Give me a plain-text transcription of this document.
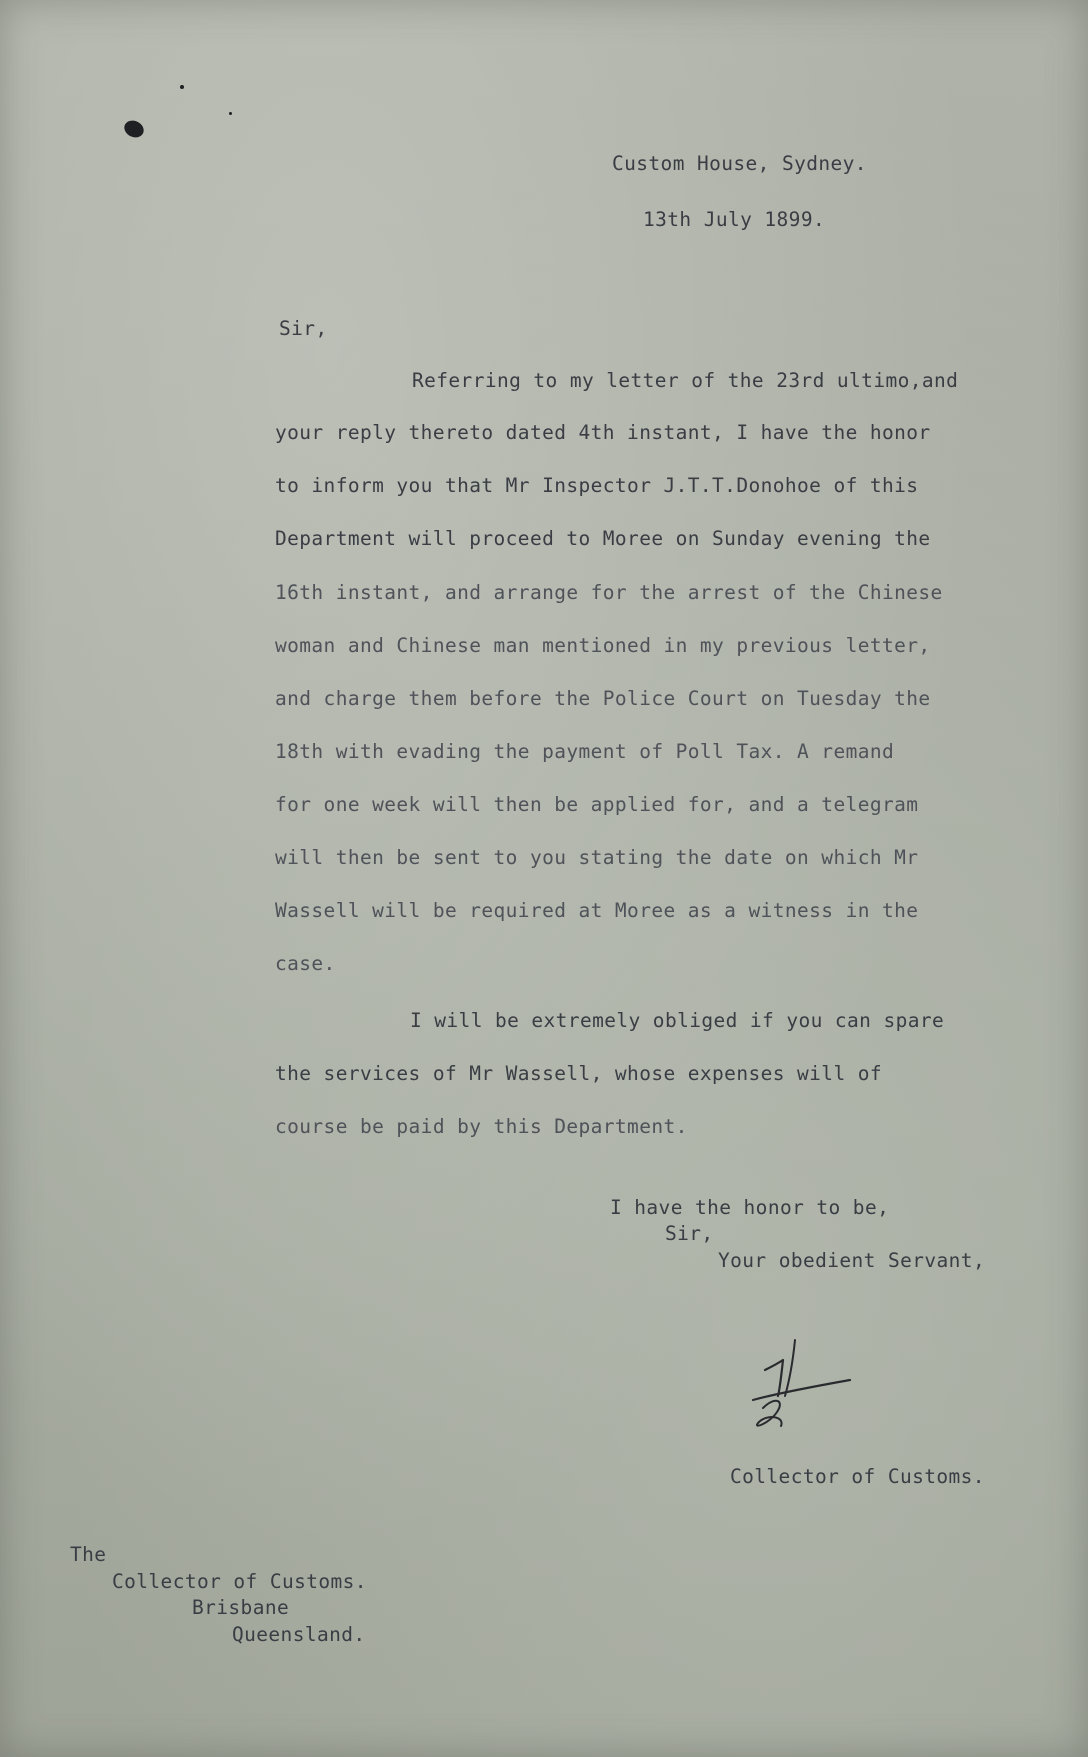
Custom House, Sydney.
13th July 1899.
Sir,
Referring to my letter of the 23rd ultimo,and
your reply thereto dated 4th instant, I have the honor
to inform you that Mr Inspector J.T.T.Donohoe of this
Department will proceed to Moree on Sunday evening the
16th instant, and arrange for the arrest of the Chinese
woman and Chinese man mentioned in my previous letter,
and charge them before the Police Court on Tuesday the
18th with evading the payment of Poll Tax. A remand
for one week will then be applied for, and a telegram
will then be sent to you stating the date on which Mr
Wassell will be required at Moree as a witness in the
case.
I will be extremely obliged if you can spare
the services of Mr Wassell, whose expenses will of
course be paid by this Department.
I have the honor to be,
Sir,
Your obedient Servant,
Collector of Customs.
The
Collector of Customs.
Brisbane
Queensland.
